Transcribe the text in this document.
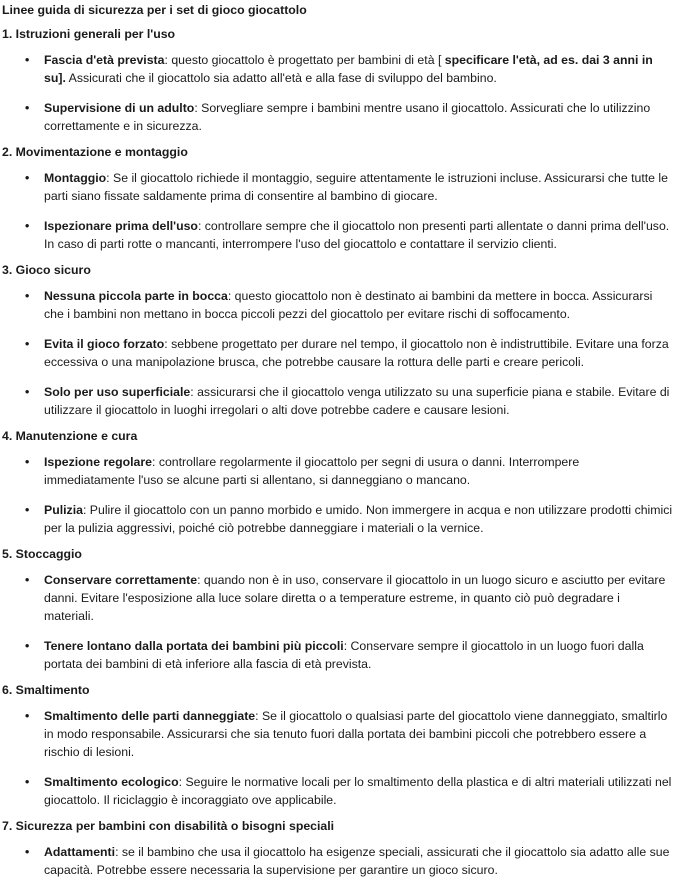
Linee guida di sicurezza per i set di gioco giocattolo
1. Istruzioni generali per l'uso
• Fascia d'età prevista: questo giocattolo è progettato per bambini di età [ specificare l'età, ad es. dai 3 anni in su]. Assicurati che il giocattolo sia adatto all'età e alla fase di sviluppo del bambino.
• Supervisione di un adulto: Sorvegliare sempre i bambini mentre usano il giocattolo. Assicurati che lo utilizzino correttamente e in sicurezza.
2. Movimentazione e montaggio
• Montaggio: Se il giocattolo richiede il montaggio, seguire attentamente le istruzioni incluse. Assicurarsi che tutte le parti siano fissate saldamente prima di consentire al bambino di giocare.
• Ispezionare prima dell'uso: controllare sempre che il giocattolo non presenti parti allentate o danni prima dell'uso. In caso di parti rotte o mancanti, interrompere l'uso del giocattolo e contattare il servizio clienti.
3. Gioco sicuro
• Nessuna piccola parte in bocca: questo giocattolo non è destinato ai bambini da mettere in bocca. Assicurarsi che i bambini non mettano in bocca piccoli pezzi del giocattolo per evitare rischi di soffocamento.
• Evita il gioco forzato: sebbene progettato per durare nel tempo, il giocattolo non è indistruttibile. Evitare una forza eccessiva o una manipolazione brusca, che potrebbe causare la rottura delle parti e creare pericoli.
• Solo per uso superficiale: assicurarsi che il giocattolo venga utilizzato su una superficie piana e stabile. Evitare di utilizzare il giocattolo in luoghi irregolari o alti dove potrebbe cadere e causare lesioni.
4. Manutenzione e cura
• Ispezione regolare: controllare regolarmente il giocattolo per segni di usura o danni. Interrompere immediatamente l'uso se alcune parti si allentano, si danneggiano o mancano.
• Pulizia: Pulire il giocattolo con un panno morbido e umido. Non immergere in acqua e non utilizzare prodotti chimici per la pulizia aggressivi, poiché ciò potrebbe danneggiare i materiali o la vernice.
5. Stoccaggio
• Conservare correttamente: quando non è in uso, conservare il giocattolo in un luogo sicuro e asciutto per evitare danni. Evitare l'esposizione alla luce solare diretta o a temperature estreme, in quanto ciò può degradare i materiali.
• Tenere lontano dalla portata dei bambini più piccoli: Conservare sempre il giocattolo in un luogo fuori dalla portata dei bambini di età inferiore alla fascia di età prevista.
6. Smaltimento
• Smaltimento delle parti danneggiate: Se il giocattolo o qualsiasi parte del giocattolo viene danneggiato, smaltirlo in modo responsabile. Assicurarsi che sia tenuto fuori dalla portata dei bambini piccoli che potrebbero essere a rischio di lesioni.
• Smaltimento ecologico: Seguire le normative locali per lo smaltimento della plastica e di altri materiali utilizzati nel giocattolo. Il riciclaggio è incoraggiato ove applicabile.
7. Sicurezza per bambini con disabilità o bisogni speciali
• Adattamenti: se il bambino che usa il giocattolo ha esigenze speciali, assicurati che il giocattolo sia adatto alle sue capacità. Potrebbe essere necessaria la supervisione per garantire un gioco sicuro.
